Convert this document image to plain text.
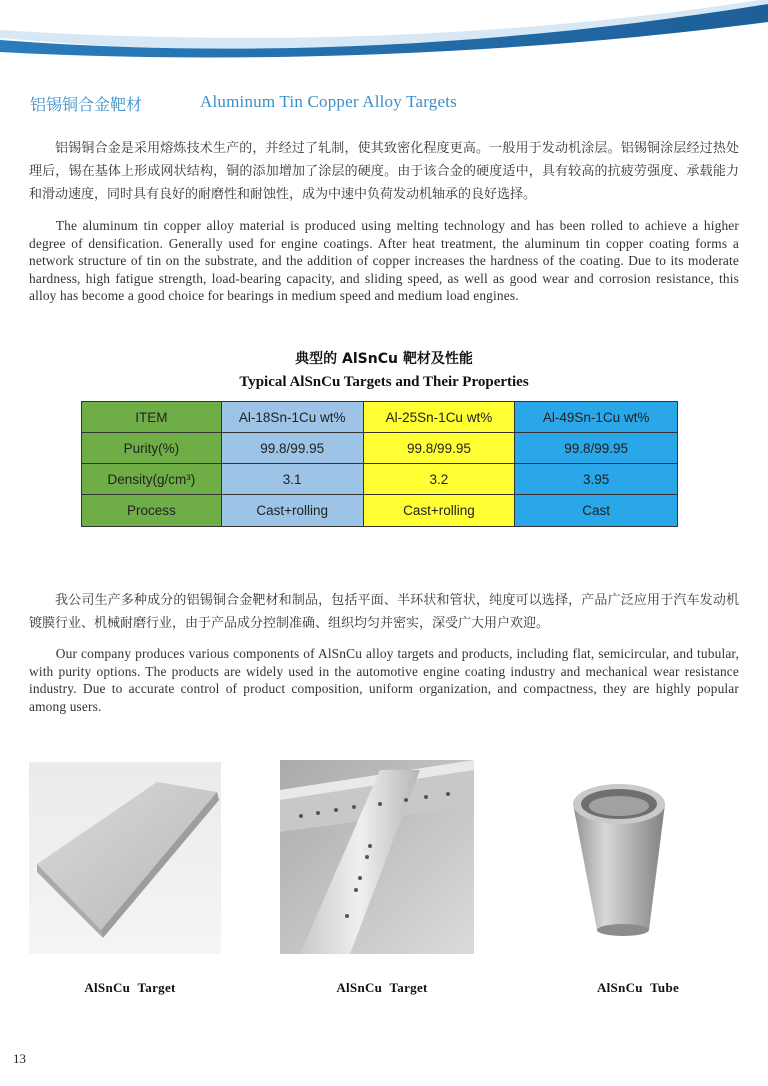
铝锡铜合金靶材	Aluminum Tin Copper Alloy Targets

铝锡铜合金是采用熔炼技术生产的，并经过了轧制，使其致密化程度更高。一般用于发动机涂层。铝锡铜涂层经过热处理后，锡在基体上形成网状结构，铜的添加增加了涂层的硬度。由于该合金的硬度适中，具有较高的抗疲劳强度、承载能力和滑动速度，同时具有良好的耐磨性和耐蚀性，成为中速中负荷发动机轴承的良好选择。

The aluminum tin copper alloy material is produced using melting technology and has been rolled to achieve a higher degree of densification. Generally used for engine coatings. After heat treatment, the aluminum tin copper coating forms a network structure of tin on the substrate, and the addition of copper increases the hardness of the coating. Due to its moderate hardness, high fatigue strength, load-bearing capacity, and sliding speed, as well as good wear and corrosion resistance, this alloy has become a good choice for bearings in medium speed and medium load engines.

典型的 AlSnCu 靶材及性能
Typical AlSnCu Targets and Their Properties
ITEM	Al-18Sn-1Cu wt%	Al-25Sn-1Cu wt%	Al-49Sn-1Cu wt%
Purity(%)	99.8/99.95	99.8/99.95	99.8/99.95
Density(g/cm³)	3.1	3.2	3.95
Process	Cast+rolling	Cast+rolling	Cast

我公司生产多种成分的铝锡铜合金靶材和制品，包括平面、半环状和管状，纯度可以选择，产品广泛应用于汽车发动机镀膜行业、机械耐磨行业，由于产品成分控制准确、组织均匀并密实，深受广大用户欢迎。

Our company produces various components of AlSnCu alloy targets and products, including flat, semicircular, and tubular, with purity options. The products are widely used in the automotive engine coating industry and mechanical wear resistance industry. Due to accurate control of product composition, uniform organization, and compactness, they are highly popular among users.

AlSnCu Target	AlSnCu Target	AlSnCu Tube
13
